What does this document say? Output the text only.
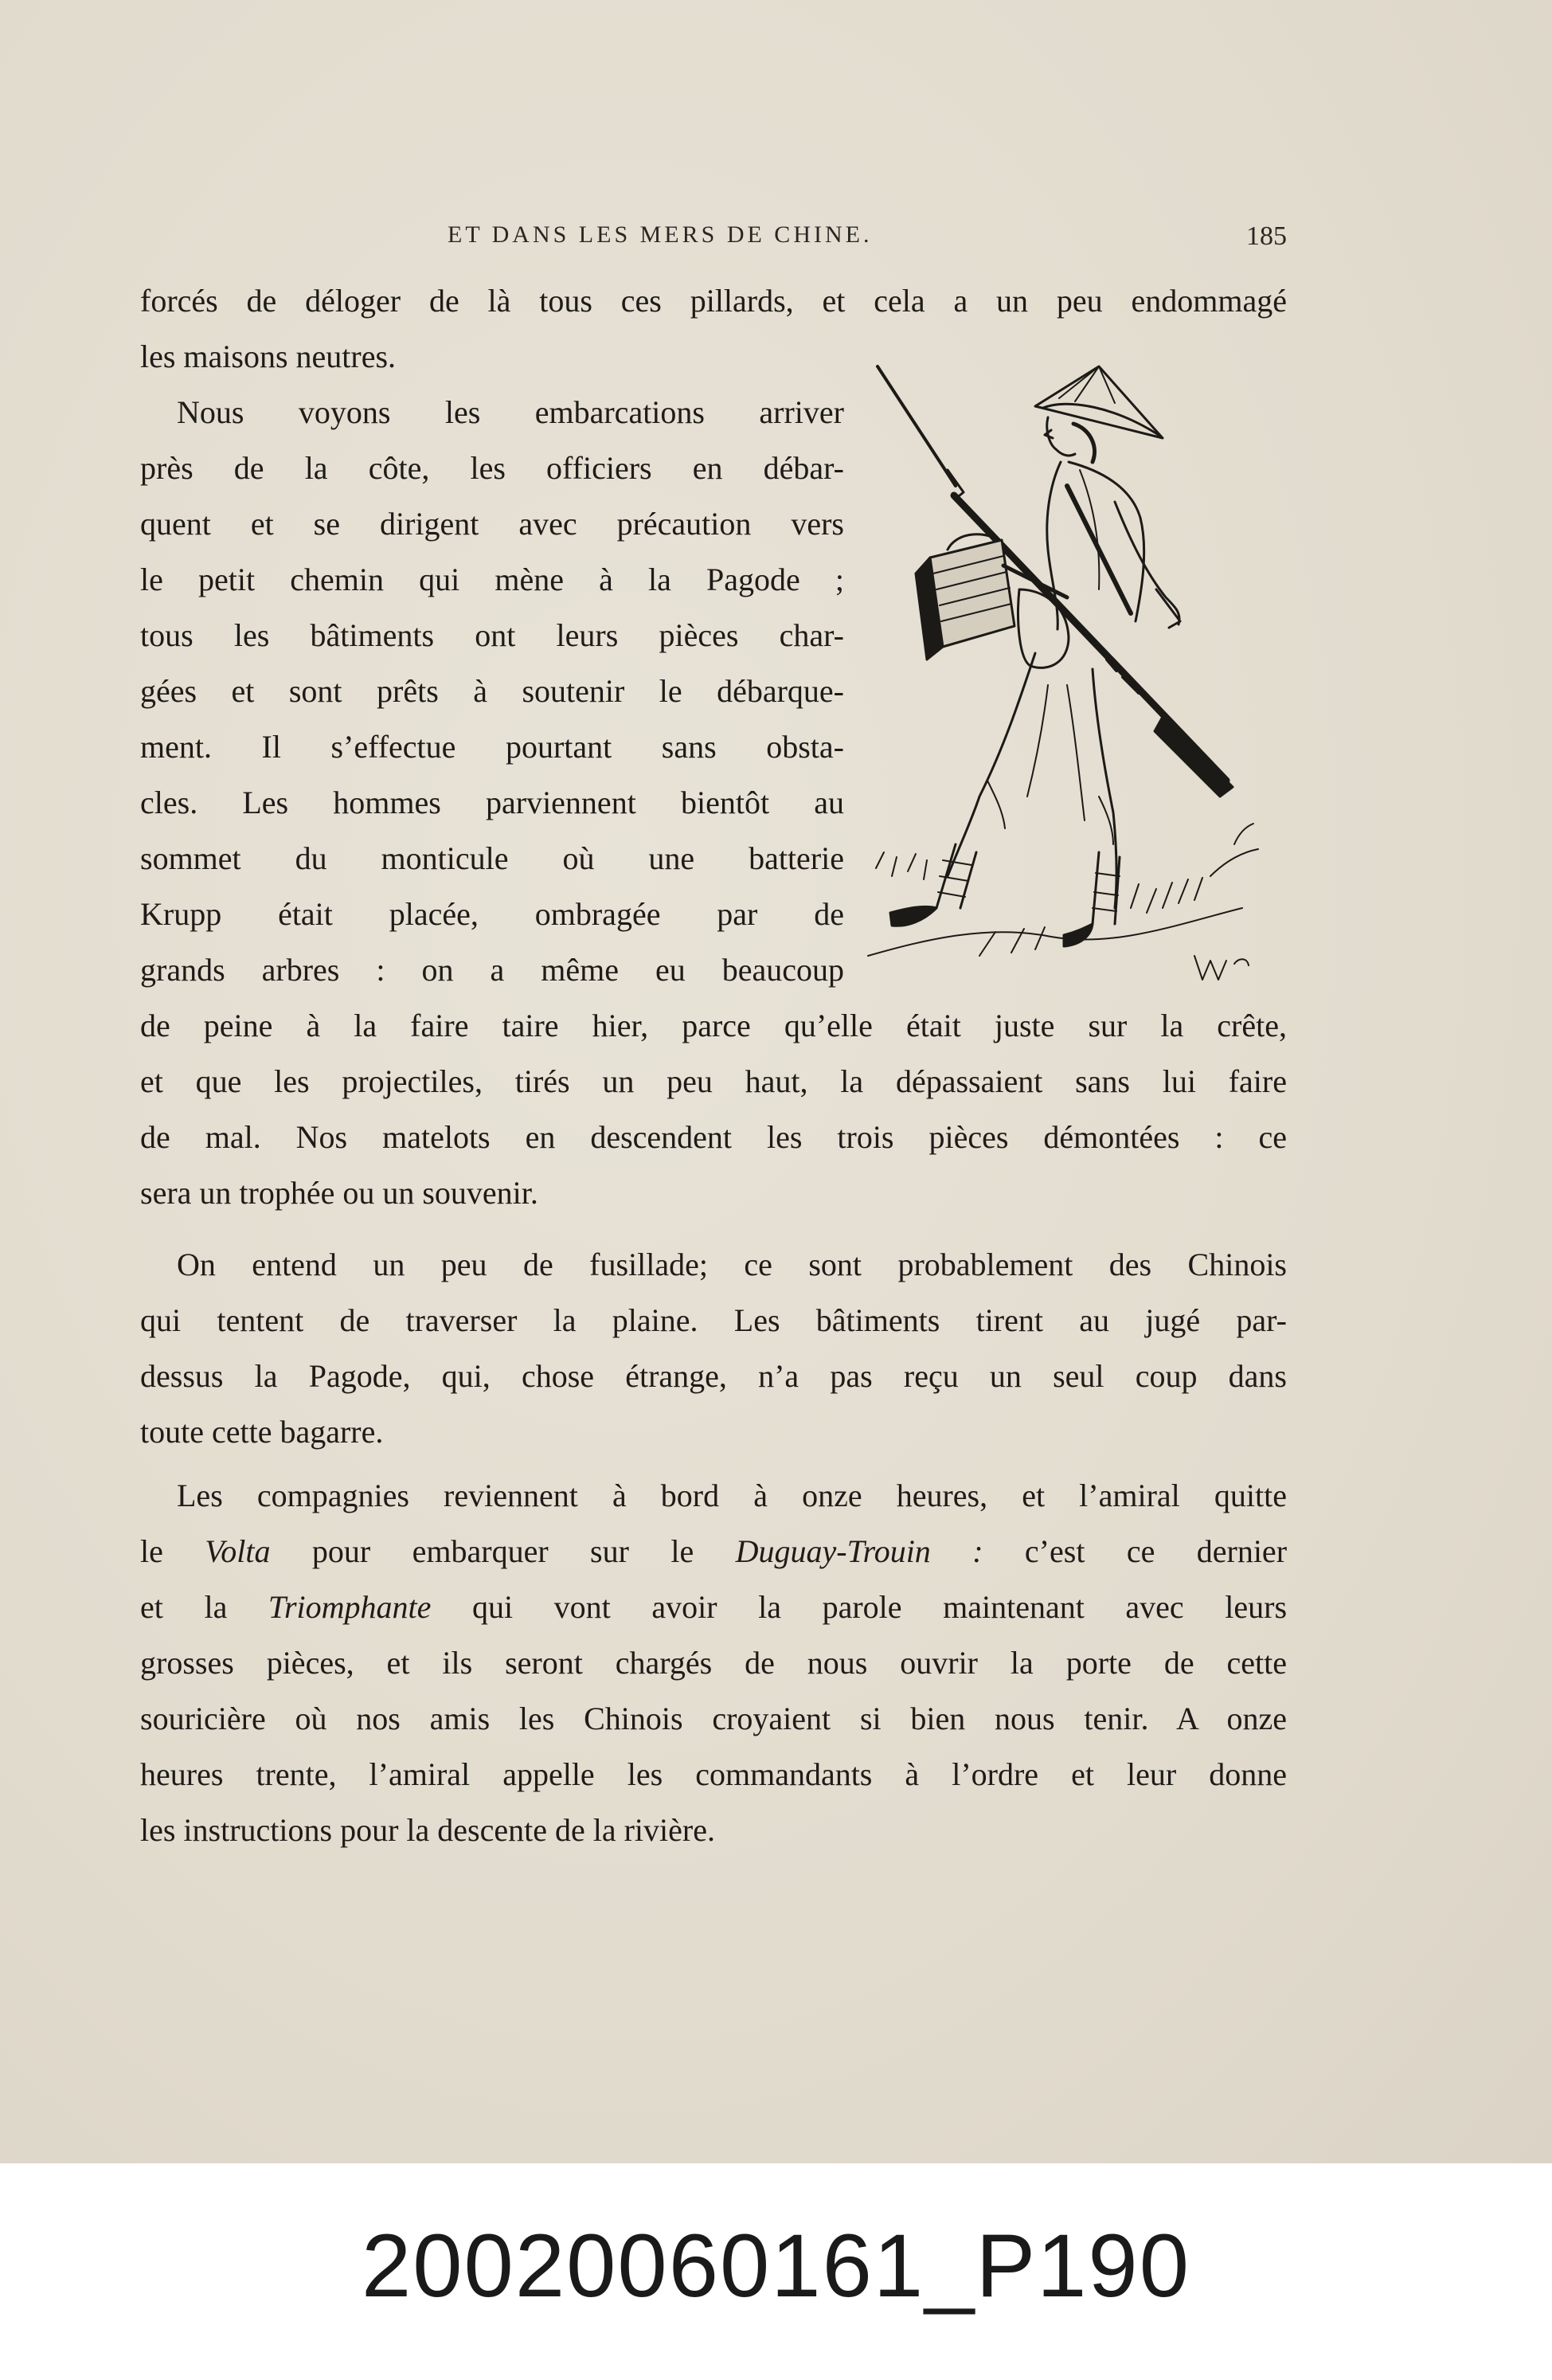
ET DANS LES MERS DE CHINE.	185
forcés de déloger de là tous ces pillards, et cela a un peu endommagé
les maisons neutres.
Nous voyons les embarcations arriver
près de la côte, les officiers en débar-
quent et se dirigent avec précaution vers
le petit chemin qui mène à la Pagode ;
tous les bâtiments ont leurs pièces char-
gées et sont prêts à soutenir le débarque-
ment. Il s’effectue pourtant sans obsta-
cles. Les hommes parviennent bientôt au
sommet du monticule où une batterie
Krupp était placée, ombragée par de
grands arbres : on a même eu beaucoup
de peine à la faire taire hier, parce qu’elle était juste sur la crête,
et que les projectiles, tirés un peu haut, la dépassaient sans lui faire
de mal. Nos matelots en descendent les trois pièces démontées : ce
sera un trophée ou un souvenir.
On entend un peu de fusillade; ce sont probablement des Chinois
qui tentent de traverser la plaine. Les bâtiments tirent au jugé par-
dessus la Pagode, qui, chose étrange, n’a pas reçu un seul coup dans
toute cette bagarre.
Les compagnies reviennent à bord à onze heures, et l’amiral quitte
le Volta pour embarquer sur le Duguay-Trouin : c’est ce dernier
et la Triomphante qui vont avoir la parole maintenant avec leurs
grosses pièces, et ils seront chargés de nous ouvrir la porte de cette
souricière où nos amis les Chinois croyaient si bien nous tenir. A onze
heures trente, l’amiral appelle les commandants à l’ordre et leur donne
les instructions pour la descente de la rivière.
20020060161_P190
